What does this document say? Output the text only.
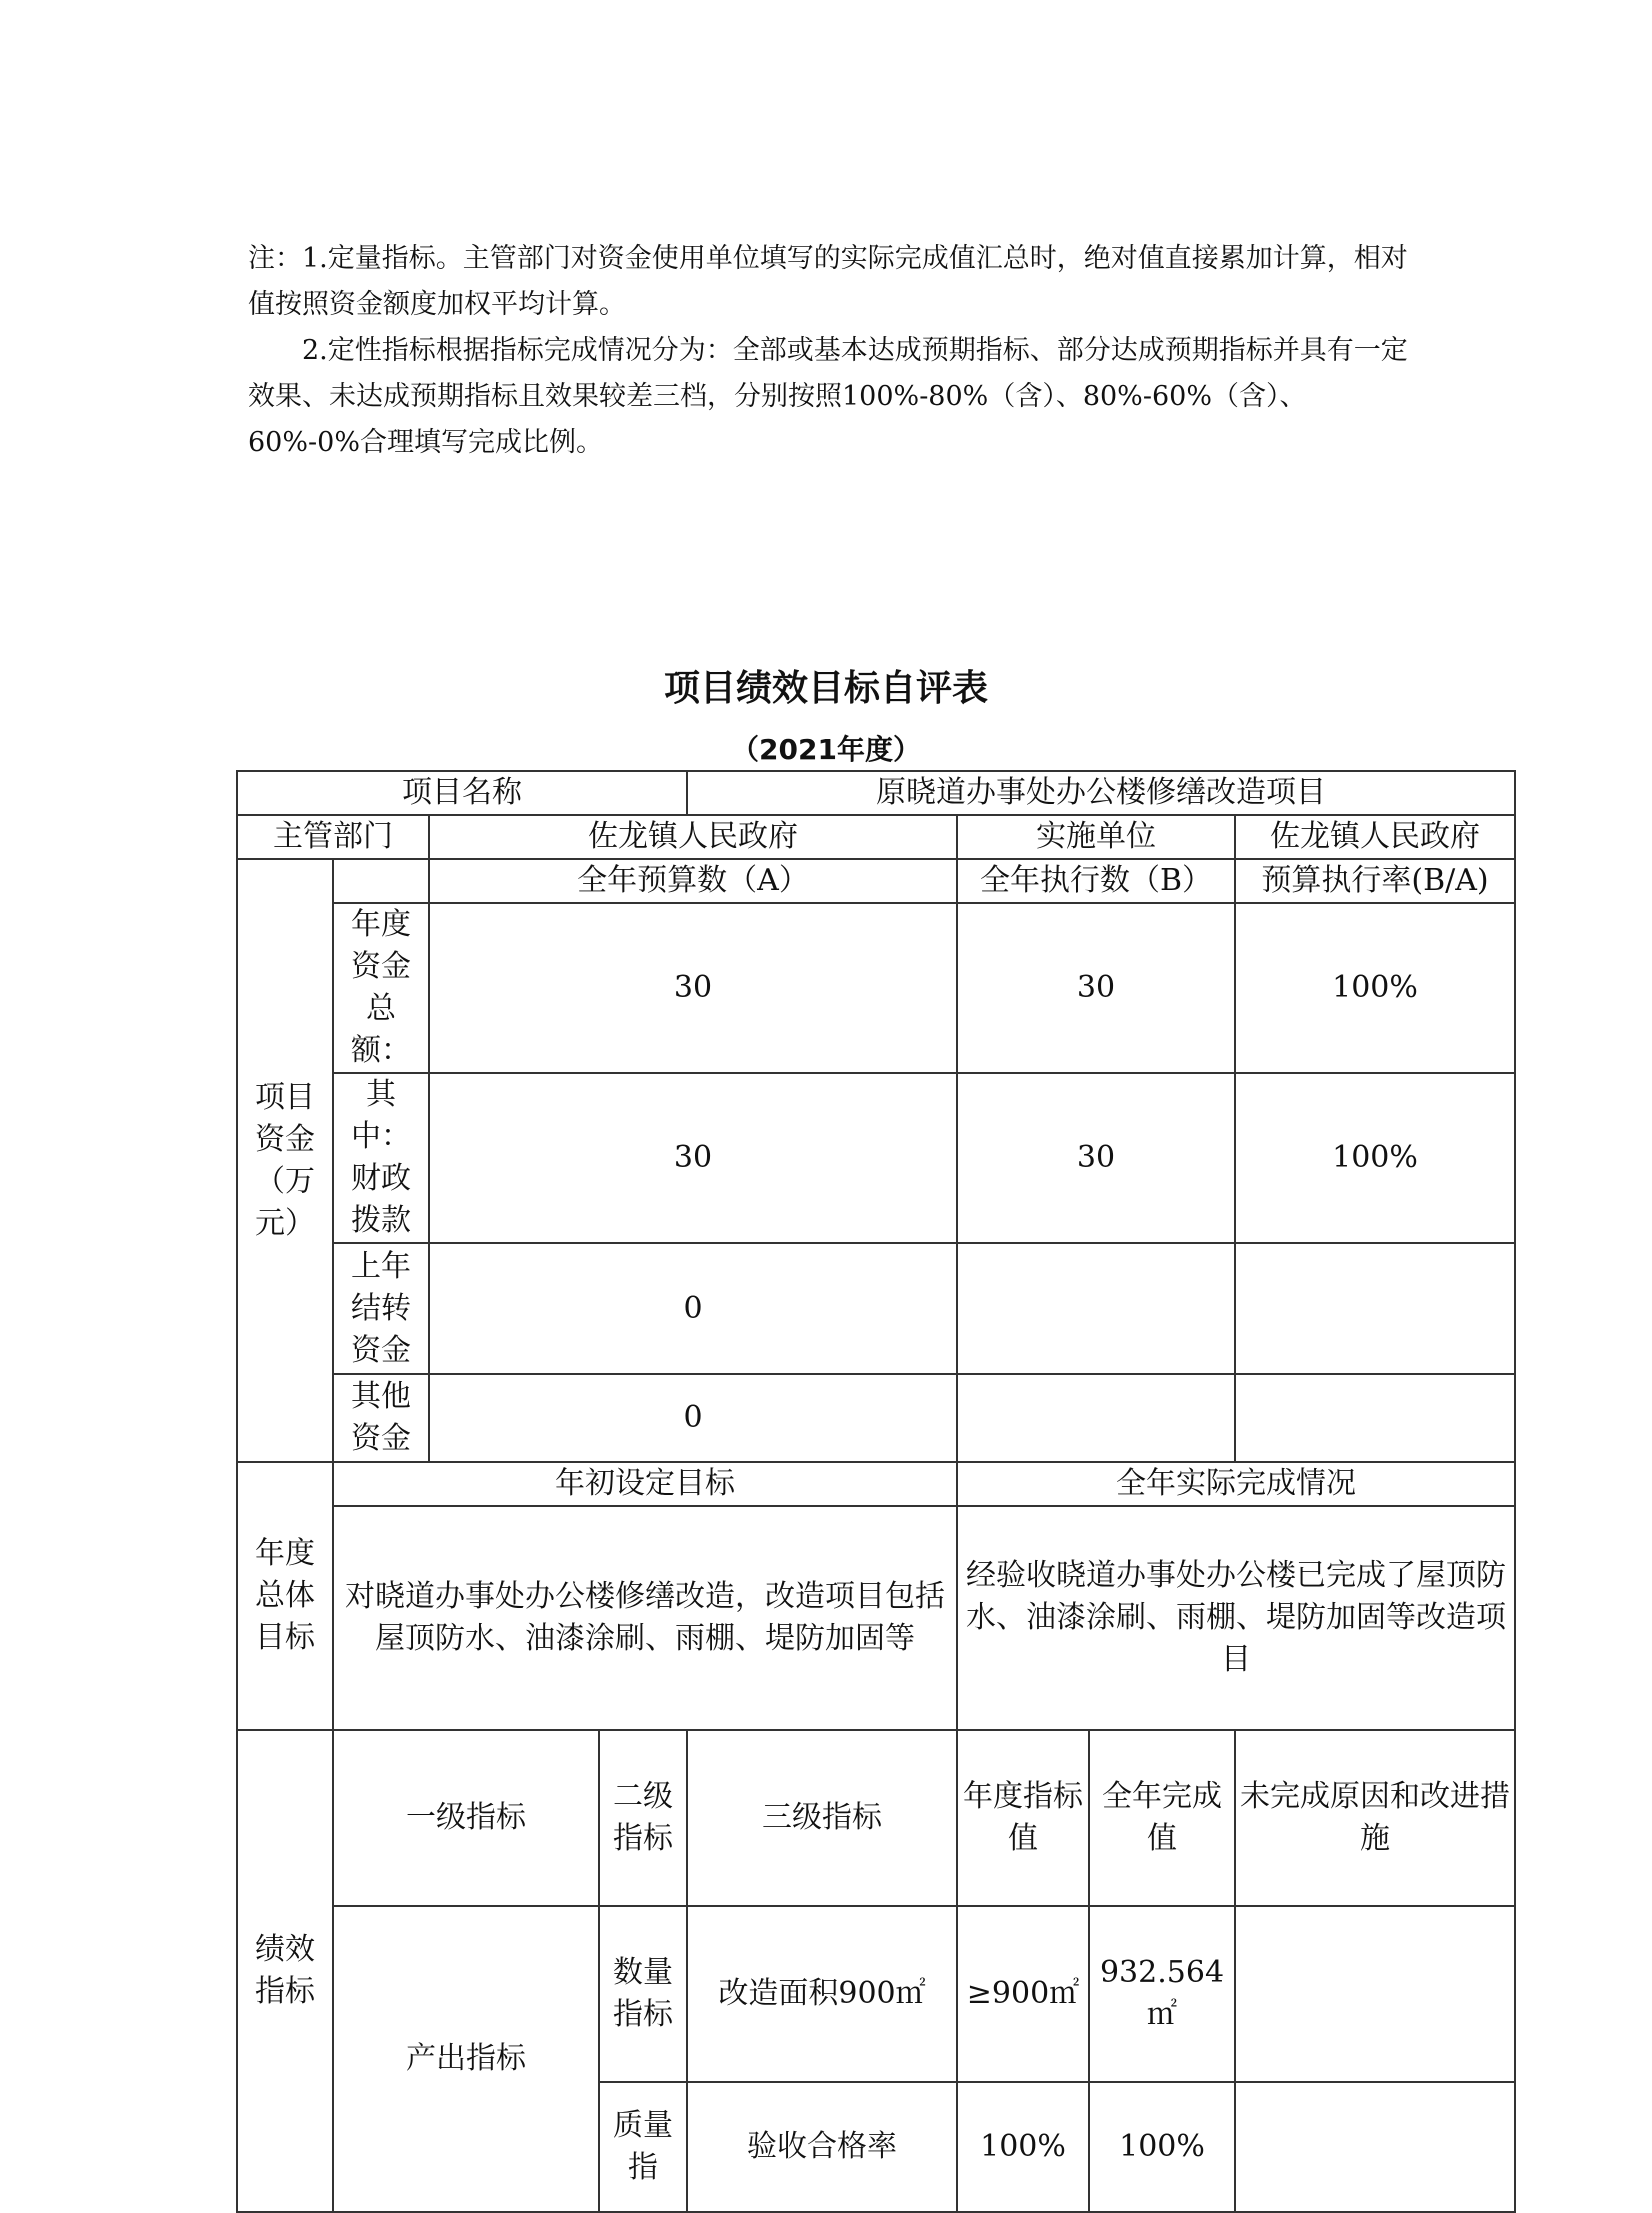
注：1.定量指标。主管部门对资金使用单位填写的实际完成值汇总时，绝对值直接累加计算，相对值按照资金额度加权平均计算。

2.定性指标根据指标完成情况分为：全部或基本达成预期指标、部分达成预期指标并具有一定效果、未达成预期指标且效果较差三档，分别按照100%-80%（含）、80%-60%（含）、60%-0%合理填写完成比例。

项目绩效目标自评表
（2021年度）
项目名称				原晓道办事处办公楼修缮改造项目			
主管部门		佐龙镇人民政府			实施单位		佐龙镇人民政府
项目资金（万元）		全年预算数（A）			全年执行数（B）		预算执行率(B/A)
	年度资金总额：	30			30		100%
	其中：财政拨款	30			30		100%
	上年结转资金	0					
	其他资金	0					
年度总体目标	年初设定目标				全年实际完成情况		
	对晓道办事处办公楼修缮改造，改造项目包括屋顶防水、油漆涂刷、雨棚、堤防加固等				经验收晓道办事处办公楼已完成了屋顶防水、油漆涂刷、雨棚、堤防加固等改造项目		
绩效指标	一级指标		二级指标	三级指标	年度指标值	全年完成值	未完成原因和改进措施
	产出指标		数量指标	改造面积900㎡	≥900㎡	932.564㎡	
			质量指	验收合格率	100%	100%	
